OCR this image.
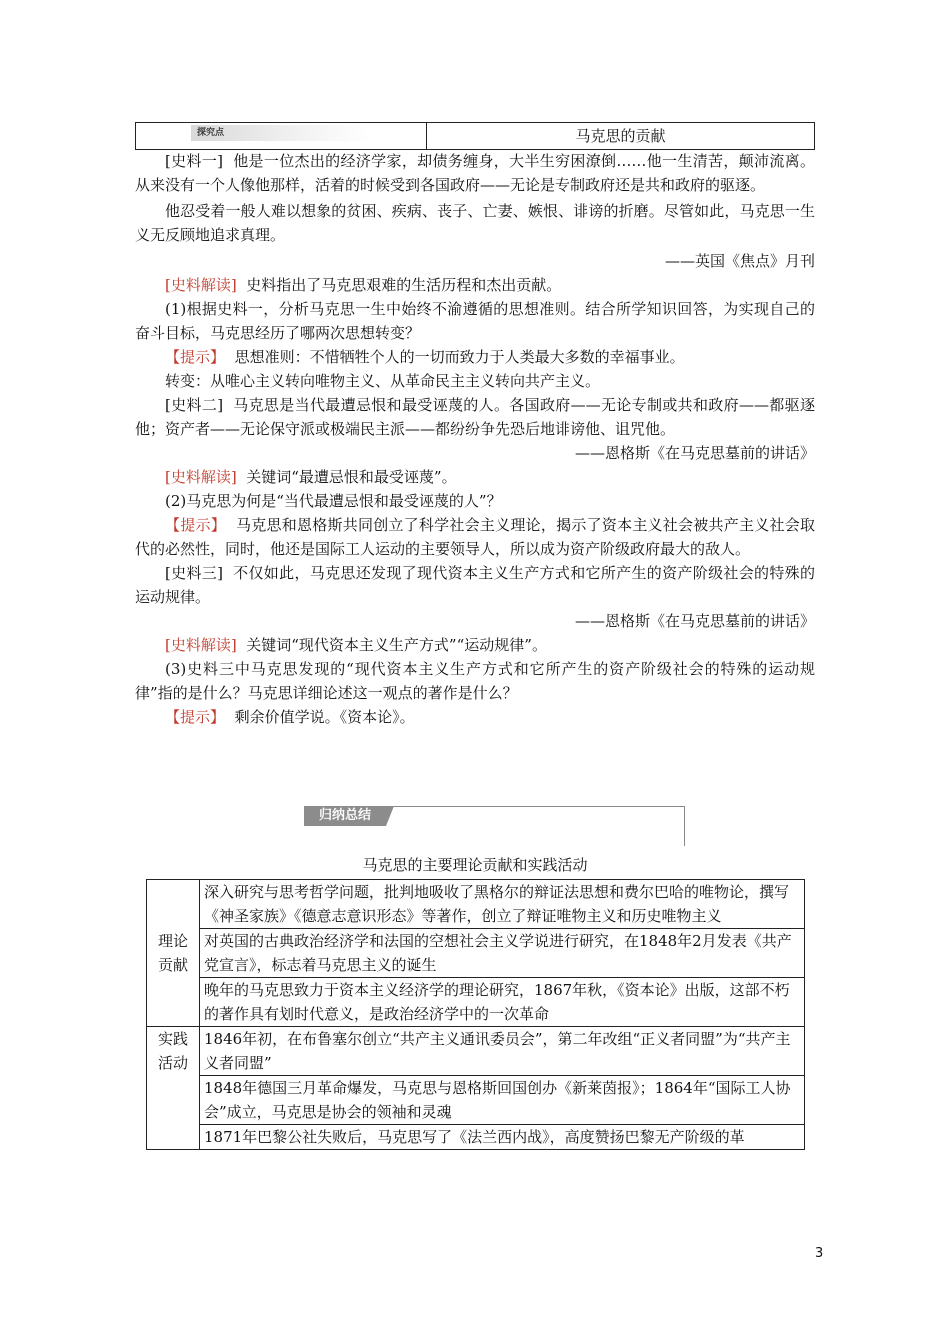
探究点	马克思的贡献

[史料一] 他是一位杰出的经济学家，却债务缠身，大半生穷困潦倒……他一生清苦，颠沛流离。从来没有一个人像他那样，活着的时候受到各国政府——无论是专制政府还是共和政府的驱逐。

他忍受着一般人难以想象的贫困、疾病、丧子、亡妻、嫉恨、诽谤的折磨。尽管如此，马克思一生义无反顾地追求真理。

——英国《焦点》月刊

[史料解读] 史料指出了马克思艰难的生活历程和杰出贡献。

(1)根据史料一，分析马克思一生中始终不渝遵循的思想准则。结合所学知识回答，为实现自己的奋斗目标，马克思经历了哪两次思想转变？

【提示】 思想准则：不惜牺牲个人的一切而致力于人类最大多数的幸福事业。

转变：从唯心主义转向唯物主义、从革命民主主义转向共产主义。

[史料二] 马克思是当代最遭忌恨和最受诬蔑的人。各国政府——无论专制或共和政府——都驱逐他；资产者——无论保守派或极端民主派——都纷纷争先恐后地诽谤他、诅咒他。

——恩格斯《在马克思墓前的讲话》

[史料解读] 关键词“最遭忌恨和最受诬蔑”。

(2)马克思为何是“当代最遭忌恨和最受诬蔑的人”？

【提示】 马克思和恩格斯共同创立了科学社会主义理论，揭示了资本主义社会被共产主义社会取代的必然性，同时，他还是国际工人运动的主要领导人，所以成为资产阶级政府最大的敌人。

[史料三] 不仅如此，马克思还发现了现代资本主义生产方式和它所产生的资产阶级社会的特殊的运动规律。

——恩格斯《在马克思墓前的讲话》

[史料解读] 关键词“现代资本主义生产方式”“运动规律”。

(3)史料三中马克思发现的“现代资本主义生产方式和它所产生的资产阶级社会的特殊的运动规律”指的是什么？马克思详细论述这一观点的著作是什么？

【提示】 剩余价值学说。《资本论》。

归纳总结
马克思的主要理论贡献和实践活动
理论
贡献	深入研究与思考哲学问题，批判地吸收了黑格尔的辩证法思想和费尔巴哈的唯物论，撰写《神圣家族》《德意志意识形态》等著作，创立了辩证唯物主义和历史唯物主义
	对英国的古典政治经济学和法国的空想社会主义学说进行研究，在1848年2月发表《共产党宣言》，标志着马克思主义的诞生
	晚年的马克思致力于资本主义经济学的理论研究，1867年秋，《资本论》出版，这部不朽的著作具有划时代意义，是政治经济学中的一次革命

实践
活动	1846年初，在布鲁塞尔创立“共产主义通讯委员会”，第二年改组“正义者同盟”为“共产主义者同盟”
	1848年德国三月革命爆发，马克思与恩格斯回国创办《新莱茵报》；1864年“国际工人协会”成立，马克思是协会的领袖和灵魂
	1871年巴黎公社失败后，马克思写了《法兰西内战》，高度赞扬巴黎无产阶级的革
3
